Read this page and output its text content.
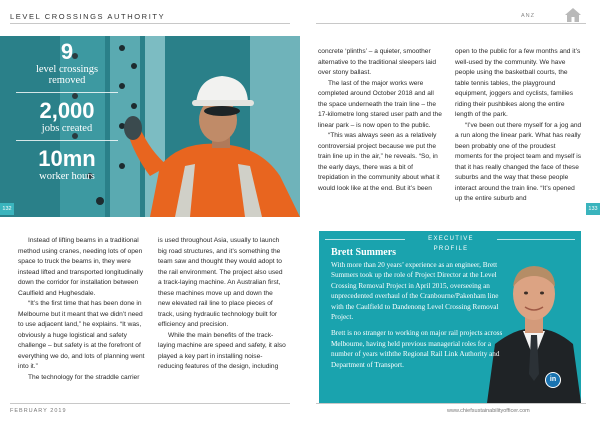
LEVEL CROSSINGS AUTHORITY	ANZ
9
level crossings
removed
2,000
jobs created
10mn
worker hours
132	133

concrete ‘plinths’ – a quieter, smoother alternative to the traditional sleepers laid over stony ballast.

The last of the major works were completed around October 2018 and all the space underneath the train line – the 17-kilometre long stared user path and the linear park – is now open to the public.

“This was always seen as a relatively controversial project because we put the train line up in the air,” he reveals. “So, in the early days, there was a bit of trepidation in the community about what it would look like at the end. But it’s been

open to the public for a few months and it’s well-used by the community. We have people using the basketball courts, the table tennis tables, the playground equipment, joggers and cyclists, families riding their pushbikes along the entire length of the park.

“I’ve been out there myself for a jog and a run along the linear park. What has really been probably one of the proudest moments for the project team and myself is that it has really changed the face of these suburbs and the way that these people interact around the train line. “It’s opened up the entire suburb and

Instead of lifting beams in a traditional method using cranes, needing lots of open space to truck the beams in, they were instead lifted and transported longitudinally down the corridor for installation between Caulfield and Hughesdale.

“It’s the first time that has been done in Melbourne but it meant that we didn’t need to use adjacent land,” he explains. “It was, obviously a huge logistical and safety challenge – but safety is at the forefront of everything we do, and lots of planning went into it.”

The technology for the straddle carrier

is used throughout Asia, usually to launch big road structures, and it’s something the team saw and thought they would adopt to the rail environment. The project also used a track-laying machine. An Australian first, these machines move up and down the new elevated rail line to place pieces of track, using hydraulic technology built for efficiency and precision.

While the main benefits of the track-laying machine are speed and safety, it also played a key part in installing noise-reducing features of the design, including

EXECUTIVE PROFILE
Brett Summers

With more than 20 years’ experience as an engineer, Brett Summers took up the role of Project Director at the Level Crossing Removal Project in April 2015, overseeing an unprecedented overhaul of the Cranbourne/Pakenham line with the Caulfield to Dandenong Level Crossing Removal Project.

Brett is no stranger to working on major rail projects across Melbourne, having held previous managerial roles for a number of years withthe Regional Rail Link Authority and Department of Transport.

in
FEBRUARY 2019	www.chiefsustainabilityofficer.com
